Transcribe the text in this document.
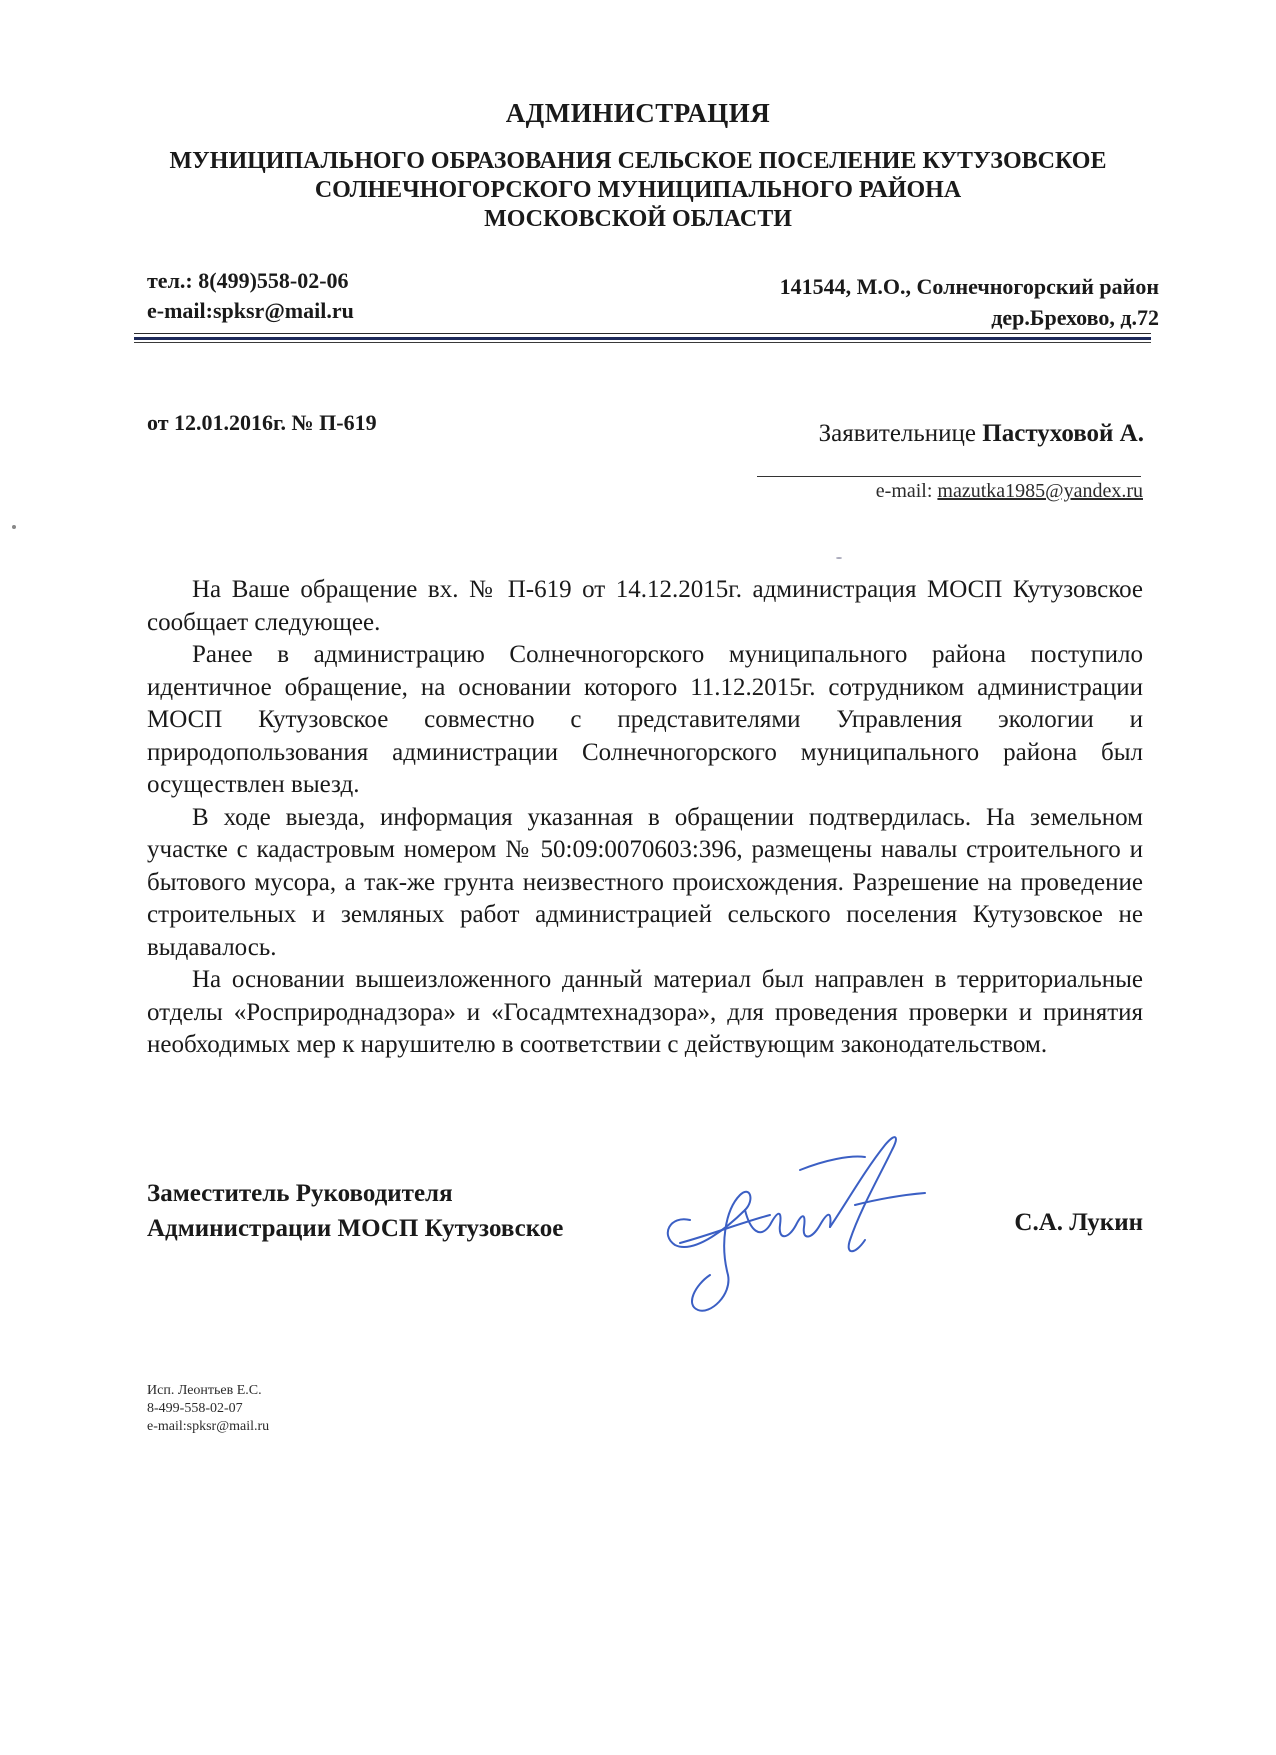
АДМИНИСТРАЦИЯ
МУНИЦИПАЛЬНОГО ОБРАЗОВАНИЯ СЕЛЬСКОЕ ПОСЕЛЕНИЕ КУТУЗОВСКОЕ
СОЛНЕЧНОГОРСКОГО МУНИЦИПАЛЬНОГО РАЙОНА
МОСКОВСКОЙ ОБЛАСТИ
тел.: 8(499)558-02-06
e-mail:spksr@mail.ru
141544, М.О., Солнечногорский район
дер.Брехово, д.72
от 12.01.2016г. № П-619	Заявительнице Пастуховой А.
e-mail: mazutka1985@yandex.ru

На Ваше обращение вх. № П-619 от 14.12.2015г. администрация МОСП Кутузовское сообщает следующее.

Ранее в администрацию Солнечногорского муниципального района поступило идентичное обращение, на основании которого 11.12.2015г. сотрудником администрации МОСП Кутузовское совместно с представителями Управления экологии и природопользования администрации Солнечногорского муниципального района был осуществлен выезд.

В ходе выезда, информация указанная в обращении подтвердилась. На земельном участке с кадастровым номером № 50:09:0070603:396, размещены навалы строительного и бытового мусора, а так-же грунта неизвестного происхождения. Разрешение на проведение строительных и земляных работ администрацией сельского поселения Кутузовское не выдавалось.

На основании вышеизложенного данный материал был направлен в территориальные отделы «Росприроднадзора» и «Госадмтехнадзора», для проведения проверки и принятия необходимых мер к нарушителю в соответствии с действующим законодательством.

Заместитель Руководителя
Администрации МОСП Кутузовское	С.А. Лукин
Исп. Леонтьев Е.С.
8-499-558-02-07
e-mail:spksr@mail.ru
